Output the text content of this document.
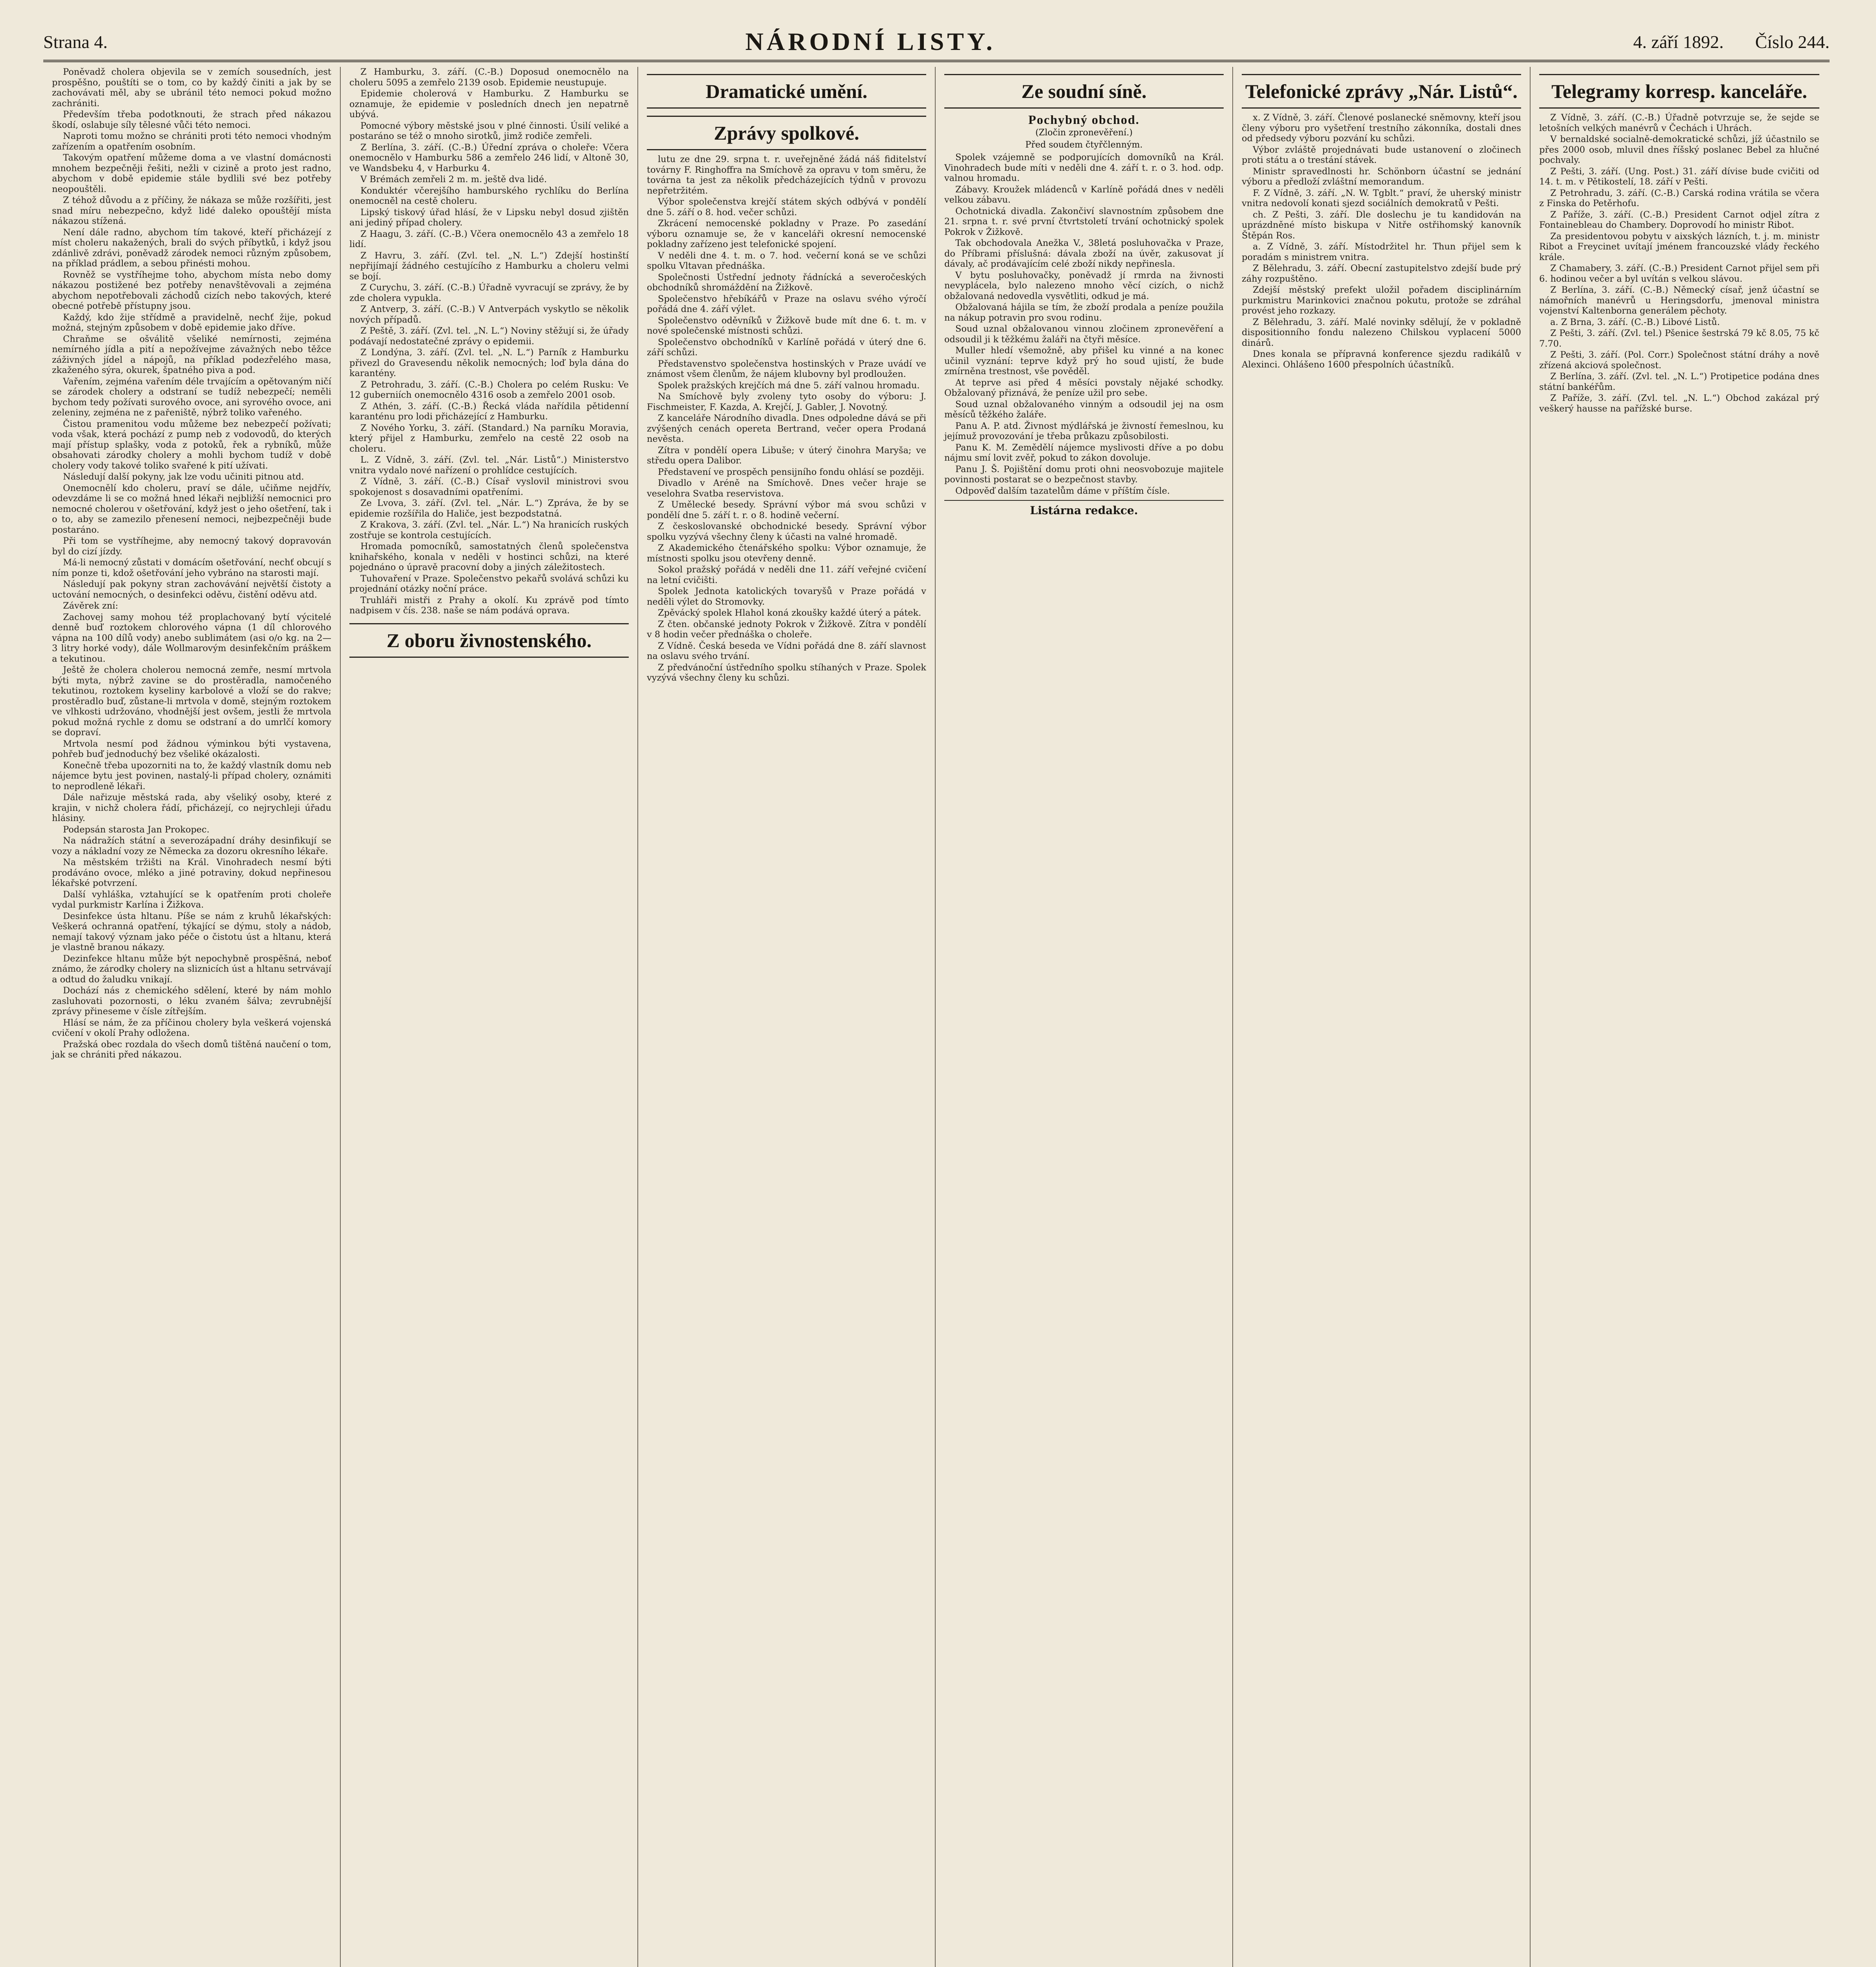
Strana 4.	NÁRODNÍ LISTY.	4. září 1892. Číslo 244.

Poněvadž cholera objevila se v zemích sousedních, jest prospěšno, pouštíti se o tom, co by každý činiti a jak by se zachovávati měl, aby se ubránil této nemoci pokud možno zachrániti.

Především třeba podotknouti, že strach před nákazou škodí, oslabuje síly tělesné vůči této nemoci.

Naproti tomu možno se chrániti proti této nemoci vhodným zařízením a opatřením osobním.

Takovým opatření můžeme doma a ve vlastní domácnosti mnohem bezpečněji řešiti, nežli v cizině a proto jest radno, abychom v době epidemie stále bydlili své bez potřeby neopouštěli.

Z téhož důvodu a z příčiny, že nákaza se může rozšířiti, jest snad míru nebezpečno, když lidé daleko opouštějí místa nákazou stížená.

Není dále radno, abychom tím takové, kteří přicházejí z míst choleru nakažených, brali do svých příbytků, i když jsou zdánlivě zdrávi, poněvadž zárodek nemoci různým způsobem, na příklad prádlem, a sebou přinésti mohou.

Rovněž se vystříhejme toho, abychom místa nebo domy nákazou postižené bez potřeby nenavštěvovali a zejména abychom nepotřebovali záchodů cizích nebo takových, které obecné potřebě přístupny jsou.

Každý, kdo žije střídmě a pravidelně, nechť žije, pokud možná, stejným způsobem v době epidemie jako dříve.

Chraňme se ošválitě všeliké nemírnosti, zejména nemírného jídla a pití a nepožívejme závažných nebo těžce záživných jídel a nápojů, na příklad podezřelého masa, zkaženého sýra, okurek, špatného piva a pod.

Vařením, zejména vařením déle trvajícím a opětovaným ničí se zárodek cholery a odstraní se tudíž nebezpečí; neměli bychom tedy požívati surového ovoce, ani syrového ovoce, ani zeleniny, zejména ne z pařeniště, nýbrž toliko vařeného.

Čistou pramenitou vodu můžeme bez nebezpečí požívati; voda však, která pochází z pump neb z vodovodů, do kterých mají přístup splašky, voda z potoků, řek a rybníků, může obsahovati zárodky cholery a mohli bychom tudíž v době cholery vody takové toliko svařené k pití užívati.

Následují další pokyny, jak lze vodu učiniti pitnou atd.

Onemocnělí kdo choleru, praví se dále, učiňme nejdřív, odevzdáme li se co možná hned lékaři nejbližší nemocnici pro nemocné cholerou v ošetřování, když jest o jeho ošetření, tak i o to, aby se zamezilo přenesení nemoci, nejbezpečněji bude postaráno.

Při tom se vystříhejme, aby nemocný takový dopravován byl do cizí jízdy.

Má-li nemocný zůstati v domácím ošetřování, nechť obcují s ním ponze ti, kdož ošetřování jeho vybráno na starosti mají.

Následují pak pokyny stran zachovávání největší čistoty a uctování nemocných, o desinfekci oděvu, čistění oděvu atd.

Závěrek zní:

Zachovej samy mohou též proplachovaný bytí výcitelé denně buď roztokem chlorového vápna (1 díl chlorového vápna na 100 dílů vody) anebo sublimátem (asi o/o kg. na 2—3 litry horké vody), dále Wollmarovým desinfekčním práškem a tekutinou.

Ještě že cholera cholerou nemocná zemře, nesmí mrtvola býti myta, nýbrž zavine se do prostěradla, namočeného tekutinou, roztokem kyseliny karbolové a vloží se do rakve; prostěradlo buď, zůstane-li mrtvola v domě, stejným roztokem ve vlhkosti udržováno, vhodnější jest ovšem, jestli že mrtvola pokud možná rychle z domu se odstraní a do umrlčí komory se dopraví.

Mrtvola nesmí pod žádnou výminkou býti vystavena, pohřeb buď jednoduchý bez všeliké okázalosti.

Konečně třeba upozorniti na to, že každý vlastník domu neb nájemce bytu jest povinen, nastalý-li případ cholery, oznámiti to neprodleně lékaři.

Dále nařizuje městská rada, aby všeliký osoby, které z krajin, v nichž cholera řádí, přicházejí, co nejrychleji úřadu hlásiny.

Podepsán starosta Jan Prokopec.

Na nádražích státní a severozápadní dráhy desinfikují se vozy a nákladní vozy ze Německa za dozoru okresního lékaře.

Na městském tržišti na Král. Vinohradech nesmí býti prodáváno ovoce, mléko a jiné potraviny, dokud nepřinesou lékařské potvrzení.

Další vyhláška, vztahující se k opatřením proti choleře vydal purkmistr Karlína i Žižkova.

Desinfekce ústa hltanu. Píše se nám z kruhů lékařských: Veškerá ochranná opatření, týkající se dýmu, stoly a nádob, nemají takový význam jako péče o čistotu úst a hltanu, která je vlastně branou nákazy.

Dezinfekce hltanu může být nepochybně prospěšná, neboť známo, že zárodky cholery na sliznicích úst a hltanu setrvávají a odtud do žaludku vnikají.

Dochází nás z chemického sdělení, které by nám mohlo zasluhovati pozornosti, o léku zvaném šálva; zevrubnější zprávy přineseme v čísle zítřejším.

Hlásí se nám, že za příčinou cholery byla veškerá vojenská cvičení v okolí Prahy odložena.

Pražská obec rozdala do všech domů tištěná naučení o tom, jak se chrániti před nákazou.

Z Hamburku, 3. září. (C.-B.) Doposud onemocnělo na choleru 5095 a zemřelo 2139 osob. Epidemie neustupuje.

Epidemie cholerová v Hamburku. Z Hamburku se oznamuje, že epidemie v posledních dnech jen nepatrně ubývá.

Pomocné výbory městské jsou v plné činnosti. Úsilí veliké a postaráno se též o mnoho sirotků, jimž rodiče zemřeli.

Z Berlína, 3. září. (C.-B.) Úřední zpráva o choleře: Včera onemocnělo v Hamburku 586 a zemřelo 246 lidí, v Altoně 30, ve Wandsbeku 4, v Harburku 4.

V Brémách zemřeli 2 m. m. ještě dva lidé.

Konduktér včerejšího hamburského rychlíku do Berlína onemocněl na cestě choleru.

Lipský tiskový úřad hlásí, že v Lipsku nebyl dosud zjištěn ani jediný případ cholery.

Z Haagu, 3. září. (C.-B.) Včera onemocnělo 43 a zemřelo 18 lidí.

Z Havru, 3. září. (Zvl. tel. „N. L.“) Zdejší hostinští nepřijímají žádného cestujícího z Hamburku a choleru velmi se bojí.

Z Curychu, 3. září. (C.-B.) Úřadně vyvracují se zprávy, že by zde cholera vypukla.

Z Antverp, 3. září. (C.-B.) V Antverpách vyskytlo se několik nových případů.

Z Peště, 3. září. (Zvl. tel. „N. L.“) Noviny stěžují si, že úřady podávají nedostatečné zprávy o epidemii.

Z Londýna, 3. září. (Zvl. tel. „N. L.“) Parník z Hamburku přivezl do Gravesendu několik nemocných; loď byla dána do karantény.

Z Petrohradu, 3. září. (C.-B.) Cholera po celém Rusku: Ve 12 guberniích onemocnělo 4316 osob a zemřelo 2001 osob.

Z Athén, 3. září. (C.-B.) Řecká vláda nařídila pětidenní karanténu pro lodi přicházející z Hamburku.

Z Nového Yorku, 3. září. (Standard.) Na parníku Moravia, který přijel z Hamburku, zemřelo na cestě 22 osob na choleru.

L. Z Vídně, 3. září. (Zvl. tel. „Nár. Listů“.) Ministerstvo vnitra vydalo nové nařízení o prohlídce cestujících.

Z Vídně, 3. září. (C.-B.) Císař vyslovil ministrovi svou spokojenost s dosavadními opatřeními.

Ze Lvova, 3. září. (Zvl. tel. „Nár. L.“) Zpráva, že by se epidemie rozšířila do Haliče, jest bezpodstatná.

Z Krakova, 3. září. (Zvl. tel. „Nár. L.“) Na hranicích ruských zostřuje se kontrola cestujících.

Hromada pomocníků, samostatných členů společenstva knihařského, konala v neděli v hostinci schůzi, na které pojednáno o úpravě pracovní doby a jiných záležitostech.

Tuhovaření v Praze. Společenstvo pekařů svolává schůzi ku projednání otázky noční práce.

Truhláři mistři z Prahy a okolí. Ku zprávě pod tímto nadpisem v čís. 238. naše se nám podává oprava.

Z oboru živnostenského.
Dramatické umění.
Zprávy spolkové.

lutu ze dne 29. srpna t. r. uveřejněné žádá náš fiditelství továrny F. Ringhoffra na Smíchově za opravu v tom směru, že továrna ta jest za několik předcházejících týdnů v provozu nepřetržitém.

Výbor společenstva krejčí státem ských odbývá v pondělí dne 5. září o 8. hod. večer schůzi.

Zkrácení nemocenské pokladny v Praze. Po zasedání výboru oznamuje se, že v kanceláři okresní nemocenské pokladny zařízeno jest telefonické spojení.

V neděli dne 4. t. m. o 7. hod. večerní koná se ve schůzi spolku Vltavan přednáška.

Společnosti Ústřední jednoty řádnícká a severočeských obchodníků shromáždění na Žižkově.

Společenstvo hřebíkářů v Praze na oslavu svého výročí pořádá dne 4. září výlet.

Společenstvo oděvníků v Žižkově bude mít dne 6. t. m. v nové společenské místnosti schůzi.

Společenstvo obchodníků v Karlíně pořádá v úterý dne 6. září schůzi.

Představenstvo společenstva hostinských v Praze uvádí ve známost všem členům, že nájem klubovny byl prodloužen.

Spolek pražských krejčích má dne 5. září valnou hromadu.

Na Smíchově byly zvoleny tyto osoby do výboru: J. Fischmeister, F. Kazda, A. Krejčí, J. Gabler, J. Novotný.

Z kanceláře Národního divadla. Dnes odpoledne dává se při zvýšených cenách opereta Bertrand, večer opera Prodaná nevěsta.

Zítra v pondělí opera Libuše; v úterý činohra Maryša; ve středu opera Dalibor.

Představení ve prospěch pensijního fondu ohlásí se později.

Divadlo v Aréně na Smíchově. Dnes večer hraje se veselohra Svatba reservistova.

Z Umělecké besedy. Správní výbor má svou schůzi v pondělí dne 5. září t. r. o 8. hodině večerní.

Z českoslovanské obchodnické besedy. Správní výbor spolku vyzývá všechny členy k účasti na valné hromadě.

Z Akademického čtenářského spolku: Výbor oznamuje, že místnosti spolku jsou otevřeny denně.

Sokol pražský pořádá v neděli dne 11. září veřejné cvičení na letní cvičišti.

Spolek Jednota katolických tovaryšů v Praze pořádá v neděli výlet do Stromovky.

Zpěvácký spolek Hlahol koná zkoušky každé úterý a pátek.

Z čten. občanské jednoty Pokrok v Žižkově. Zítra v pondělí v 8 hodin večer přednáška o choleře.

Z Vídně. Česká beseda ve Vídni pořádá dne 8. září slavnost na oslavu svého trvání.

Z předvánoční ústředního spolku stíhaných v Praze. Spolek vyzývá všechny členy ku schůzi.

Ze soudní síně.
Pochybný obchod.
(Zločin zpronevěření.)
Před soudem čtyřčlenným.

Spolek vzájemně se podporujících domovníků na Král. Vinohradech bude míti v neděli dne 4. září t. r. o 3. hod. odp. valnou hromadu.

Zábavy. Kroužek mládenců v Karlíně pořádá dnes v neděli velkou zábavu.

Ochotnická divadla. Zakončiví slavnostním způsobem dne 21. srpna t. r. své první čtvrtstoletí trvání ochotnický spolek Pokrok v Žižkově.

Tak obchodovala Anežka V., 38letá posluhovačka v Praze, do Příbrami příslušná: dávala zboží na úvěr, zakusovat jí dávaly, ač prodávajícím celé zboží nikdy nepřinesla.

V bytu posluhovačky, poněvadž jí rmrda na živnosti nevyplácela, bylo nalezeno mnoho věcí cizích, o nichž obžalovaná nedovedla vysvětliti, odkud je má.

Obžalovaná hájila se tím, že zboží prodala a peníze použila na nákup potravin pro svou rodinu.

Soud uznal obžalovanou vinnou zločinem zpronevěření a odsoudil ji k těžkému žaláři na čtyři měsíce.

Muller hledí všemožně, aby přišel ku vinné a na konec učinil vyznání: teprve když prý ho soud ujistí, že bude zmírněna trestnost, vše pověděl.

At teprve asi před 4 měsíci povstaly nějaké schodky. Obžalovaný přiznává, že peníze užil pro sebe.

Soud uznal obžalovaného vinným a odsoudil jej na osm měsíců těžkého žaláře.

Panu A. P. atd. Živnost mýdlářská je živností řemeslnou, ku jejímuž provozování je třeba průkazu způsobilosti.

Panu K. M. Zemědělí nájemce myslivosti dříve a po dobu nájmu smí lovit zvěř, pokud to zákon dovoluje.

Panu J. Š. Pojištění domu proti ohni neosvobozuje majitele povinnosti postarat se o bezpečnost stavby.

Odpověď dalším tazatelům dáme v příštím čísle.

Listárna redakce.
Telefonické zprávy „Nár. Listů“.

x. Z Vídně, 3. září. Členové poslanecké sněmovny, kteří jsou členy výboru pro vyšetření trestního zákonníka, dostali dnes od předsedy výboru pozvání ku schůzi.

Výbor zvláště projednávati bude ustanovení o zločinech proti státu a o trestání stávek.

Ministr spravedlnosti hr. Schönborn účastní se jednání výboru a předloží zvláštní memorandum.

F. Z Vídně, 3. září. „N. W. Tgblt.“ praví, že uherský ministr vnitra nedovolí konati sjezd sociálních demokratů v Pešti.

ch. Z Pešti, 3. září. Dle doslechu je tu kandidován na uprázdněné místo biskupa v Nitře ostřihomský kanovník Štěpán Ros.

a. Z Vídně, 3. září. Místodržitel hr. Thun přijel sem k poradám s ministrem vnitra.

Z Bělehradu, 3. září. Obecní zastupitelstvo zdejší bude prý záhy rozpuštěno.

Zdejší městský prefekt uložil pořadem disciplinárním purkmistru Marinkovici značnou pokutu, protože se zdráhal provést jeho rozkazy.

Z Bělehradu, 3. září. Malé novinky sdělují, že v pokladně dispositionního fondu nalezeno Chilskou vyplacení 5000 dinárů.

Dnes konala se přípravná konference sjezdu radikálů v Alexinci. Ohlášeno 1600 přespolních účastníků.

Telegramy korresp. kanceláře.

Z Vídně, 3. září. (C.-B.) Úřadně potvrzuje se, že sejde se letošních velkých manévrů v Čechách i Uhrách.

V bernaldské socialně-demokratické schůzi, jíž účastnilo se přes 2000 osob, mluvil dnes říšský poslanec Bebel za hlučné pochvaly.

Z Pešti, 3. září. (Ung. Post.) 31. září dívise bude cvičiti od 14. t. m. v Pětikostelí, 18. září v Pešti.

Z Petrohradu, 3. září. (C.-B.) Carská rodina vrátila se včera z Finska do Petěrhofu.

Z Paříže, 3. září. (C.-B.) President Carnot odjel zítra z Fontainebleau do Chambery. Doprovodí ho ministr Ribot.

Za presidentovou pobytu v aixských lázních, t. j. m. ministr Ribot a Freycinet uvítají jménem francouzské vlády řeckého krále.

Z Chamabery, 3. září. (C.-B.) President Carnot přijel sem při 6. hodinou večer a byl uvítán s velkou slávou.

Z Berlína, 3. září. (C.-B.) Německý císař, jenž účastní se námořních manévrů u Heringsdorfu, jmenoval ministra vojenství Kaltenborna generálem pěchoty.

a. Z Brna, 3. září. (C.-B.) Libové Listů.

Z Pešti, 3. září. (Zvl. tel.) Pšenice šestrská 79 kč 8.05, 75 kč 7.70.

Z Pešti, 3. září. (Pol. Corr.) Společnost státní dráhy a nově zřízená akciová společnost.

Z Berlína, 3. září. (Zvl. tel. „N. L.“) Protipetice podána dnes státní bankéřům.

Z Paříže, 3. září. (Zvl. tel. „N. L.“) Obchod zakázal prý veškerý hausse na pařížské burse.
